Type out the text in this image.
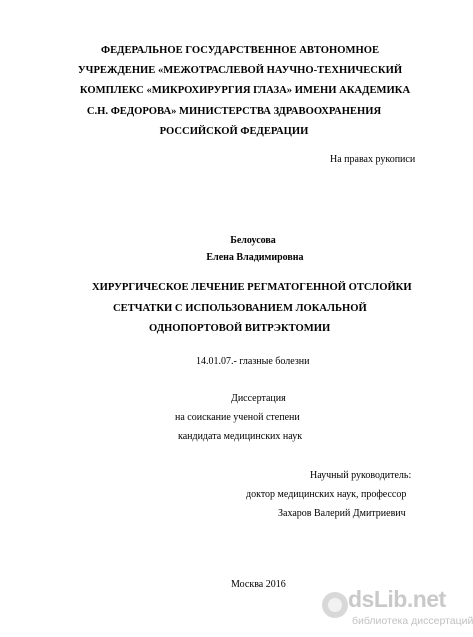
ФЕДЕРАЛЬНОЕ ГОСУДАРСТВЕННОЕ АВТОНОМНОЕ
УЧРЕЖДЕНИЕ «МЕЖОТРАСЛЕВОЙ НАУЧНО-ТЕХНИЧЕСКИЙ
КОМПЛЕКС «МИКРОХИРУРГИЯ ГЛАЗА» ИМЕНИ АКАДЕМИКА
С.Н. ФЕДОРОВА» МИНИСТЕРСТВА ЗДРАВООХРАНЕНИЯ
РОССИЙСКОЙ ФЕДЕРАЦИИ
На правах рукописи
Белоусова
Елена Владимировна
ХИРУРГИЧЕСКОЕ ЛЕЧЕНИЕ РЕГМАТОГЕННОЙ ОТСЛОЙКИ
СЕТЧАТКИ С ИСПОЛЬЗОВАНИЕМ ЛОКАЛЬНОЙ
ОДНОПОРТОВОЙ ВИТРЭКТОМИИ
14.01.07.- глазные болезни
Диссертация
на соискание ученой степени
кандидата медицинских наук
Научный руководитель:
доктор медицинских наук, профессор
Захаров Валерий Дмитриевич
Москва 2016
dsLib.net
библиотека диссертаций
